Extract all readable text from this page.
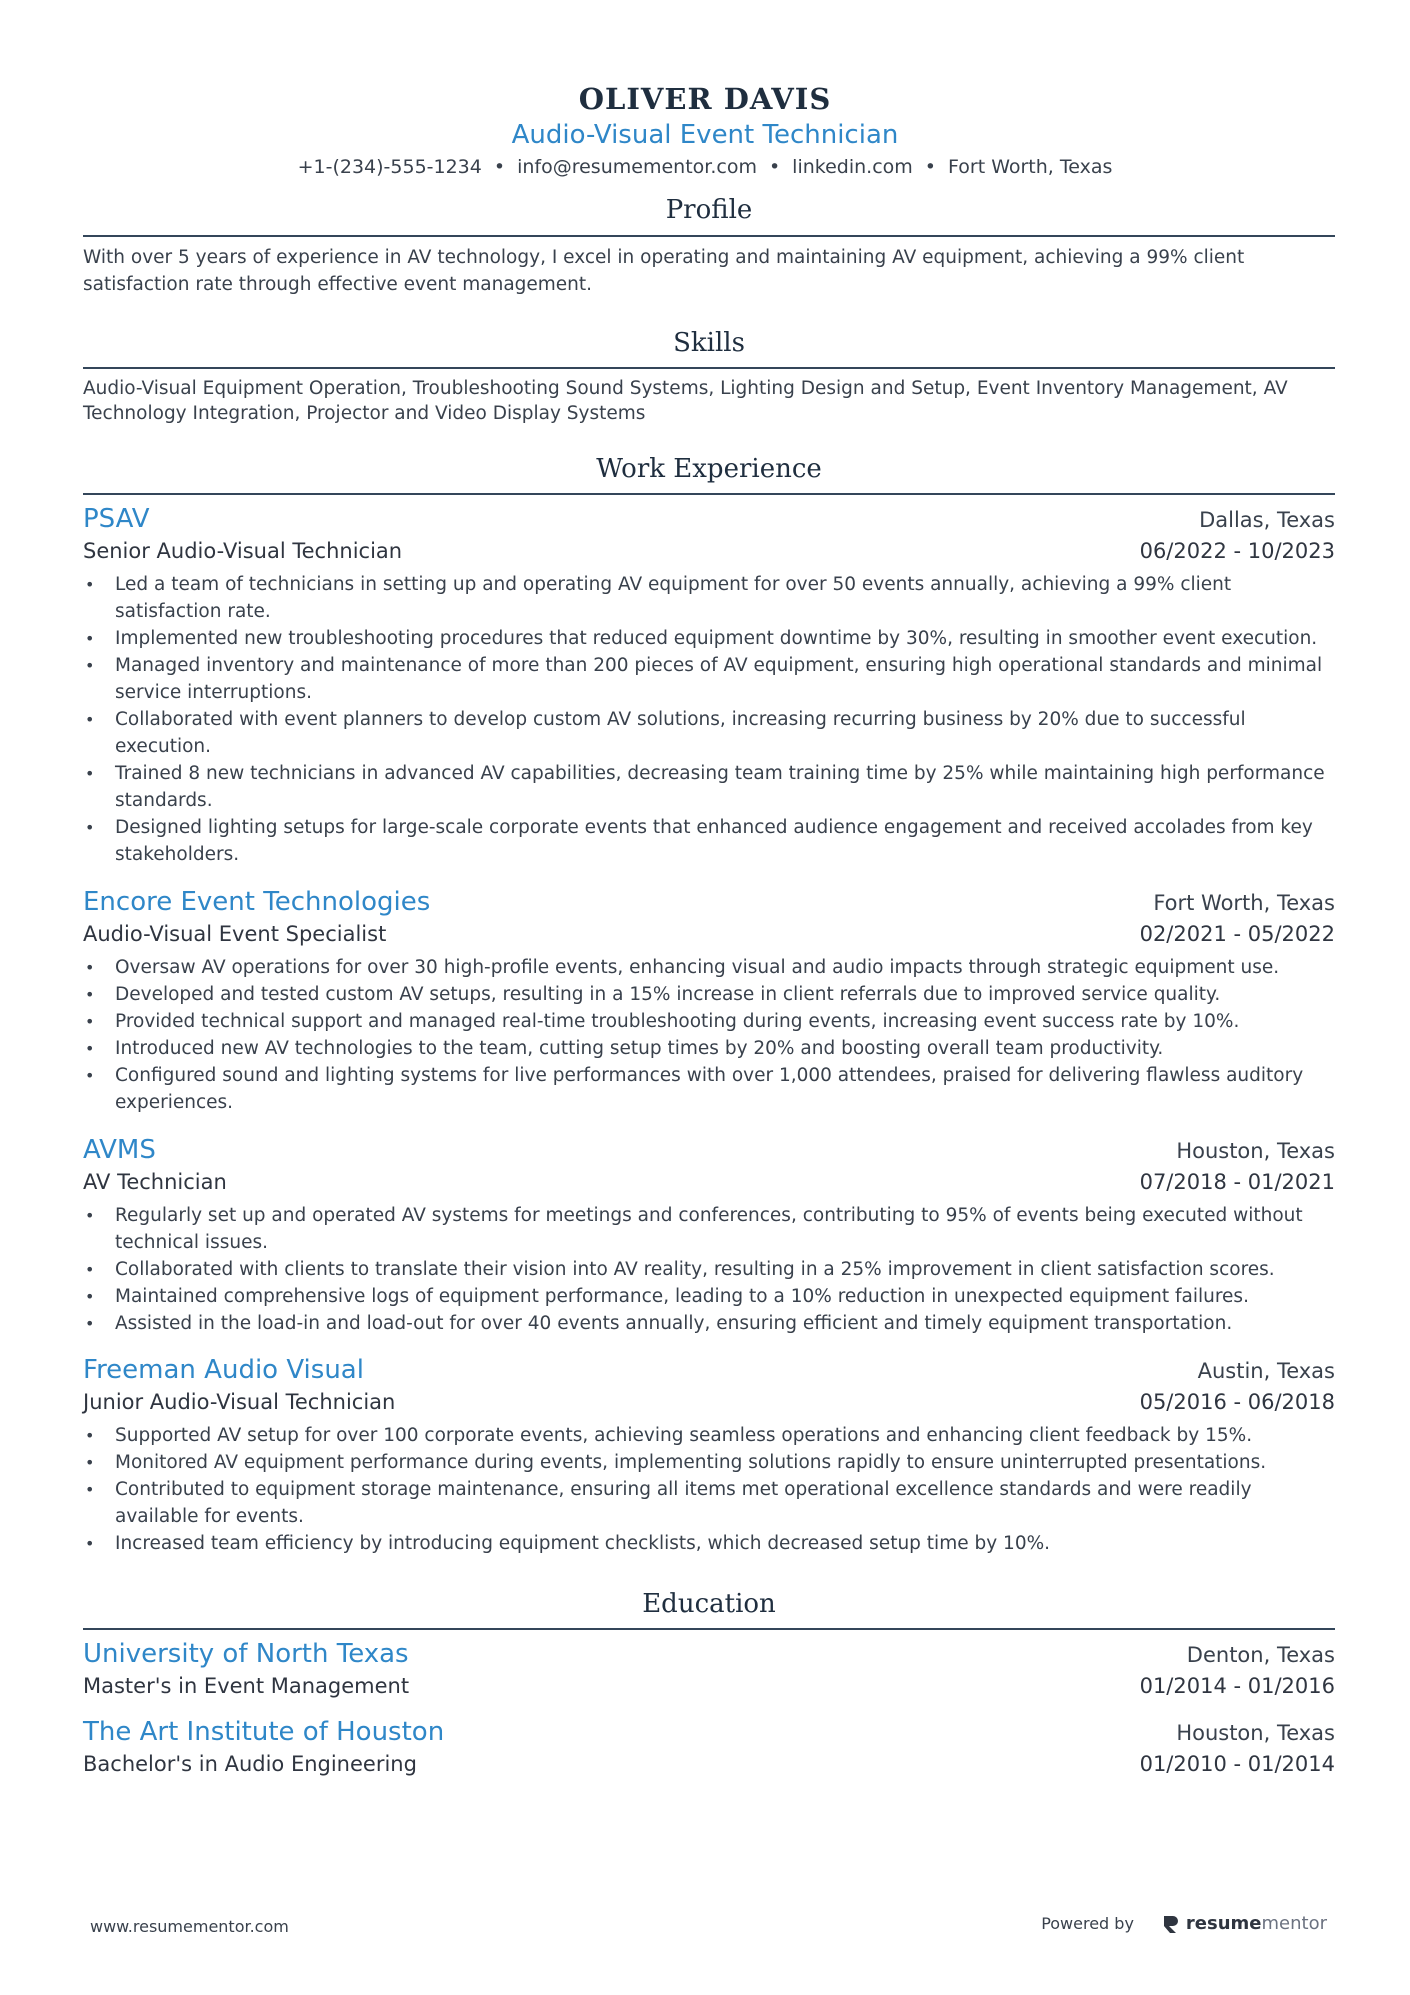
OLIVER DAVIS
Audio-Visual Event Technician
+1-(234)-555-1234 • info@resumementor.com • linkedin.com • Fort Worth, Texas
Profile
With over 5 years of experience in AV technology, I excel in operating and maintaining AV equipment, achieving a 99% client satisfaction rate through effective event management.
Skills
Audio-Visual Equipment Operation, Troubleshooting Sound Systems, Lighting Design and Setup, Event Inventory Management, AV Technology Integration, Projector and Video Display Systems
Work Experience
PSAV	Dallas, Texas
Senior Audio-Visual Technician	06/2022 - 10/2023
• Led a team of technicians in setting up and operating AV equipment for over 50 events annually, achieving a 99% client satisfaction rate.
• Implemented new troubleshooting procedures that reduced equipment downtime by 30%, resulting in smoother event execution.
• Managed inventory and maintenance of more than 200 pieces of AV equipment, ensuring high operational standards and minimal service interruptions.
• Collaborated with event planners to develop custom AV solutions, increasing recurring business by 20% due to successful execution.
• Trained 8 new technicians in advanced AV capabilities, decreasing team training time by 25% while maintaining high performance standards.
• Designed lighting setups for large-scale corporate events that enhanced audience engagement and received accolades from key stakeholders.
Encore Event Technologies	Fort Worth, Texas
Audio-Visual Event Specialist	02/2021 - 05/2022
• Oversaw AV operations for over 30 high-profile events, enhancing visual and audio impacts through strategic equipment use.
• Developed and tested custom AV setups, resulting in a 15% increase in client referrals due to improved service quality.
• Provided technical support and managed real-time troubleshooting during events, increasing event success rate by 10%.
• Introduced new AV technologies to the team, cutting setup times by 20% and boosting overall team productivity.
• Configured sound and lighting systems for live performances with over 1,000 attendees, praised for delivering flawless auditory experiences.
AVMS	Houston, Texas
AV Technician	07/2018 - 01/2021
• Regularly set up and operated AV systems for meetings and conferences, contributing to 95% of events being executed without technical issues.
• Collaborated with clients to translate their vision into AV reality, resulting in a 25% improvement in client satisfaction scores.
• Maintained comprehensive logs of equipment performance, leading to a 10% reduction in unexpected equipment failures.
• Assisted in the load-in and load-out for over 40 events annually, ensuring efficient and timely equipment transportation.
Freeman Audio Visual	Austin, Texas
Junior Audio-Visual Technician	05/2016 - 06/2018
• Supported AV setup for over 100 corporate events, achieving seamless operations and enhancing client feedback by 15%.
• Monitored AV equipment performance during events, implementing solutions rapidly to ensure uninterrupted presentations.
• Contributed to equipment storage maintenance, ensuring all items met operational excellence standards and were readily available for events.
• Increased team efficiency by introducing equipment checklists, which decreased setup time by 10%.
Education
University of North Texas	Denton, Texas
Master's in Event Management	01/2014 - 01/2016
The Art Institute of Houston	Houston, Texas
Bachelor's in Audio Engineering	01/2010 - 01/2014
www.resumementor.com	Powered by	resumementor
